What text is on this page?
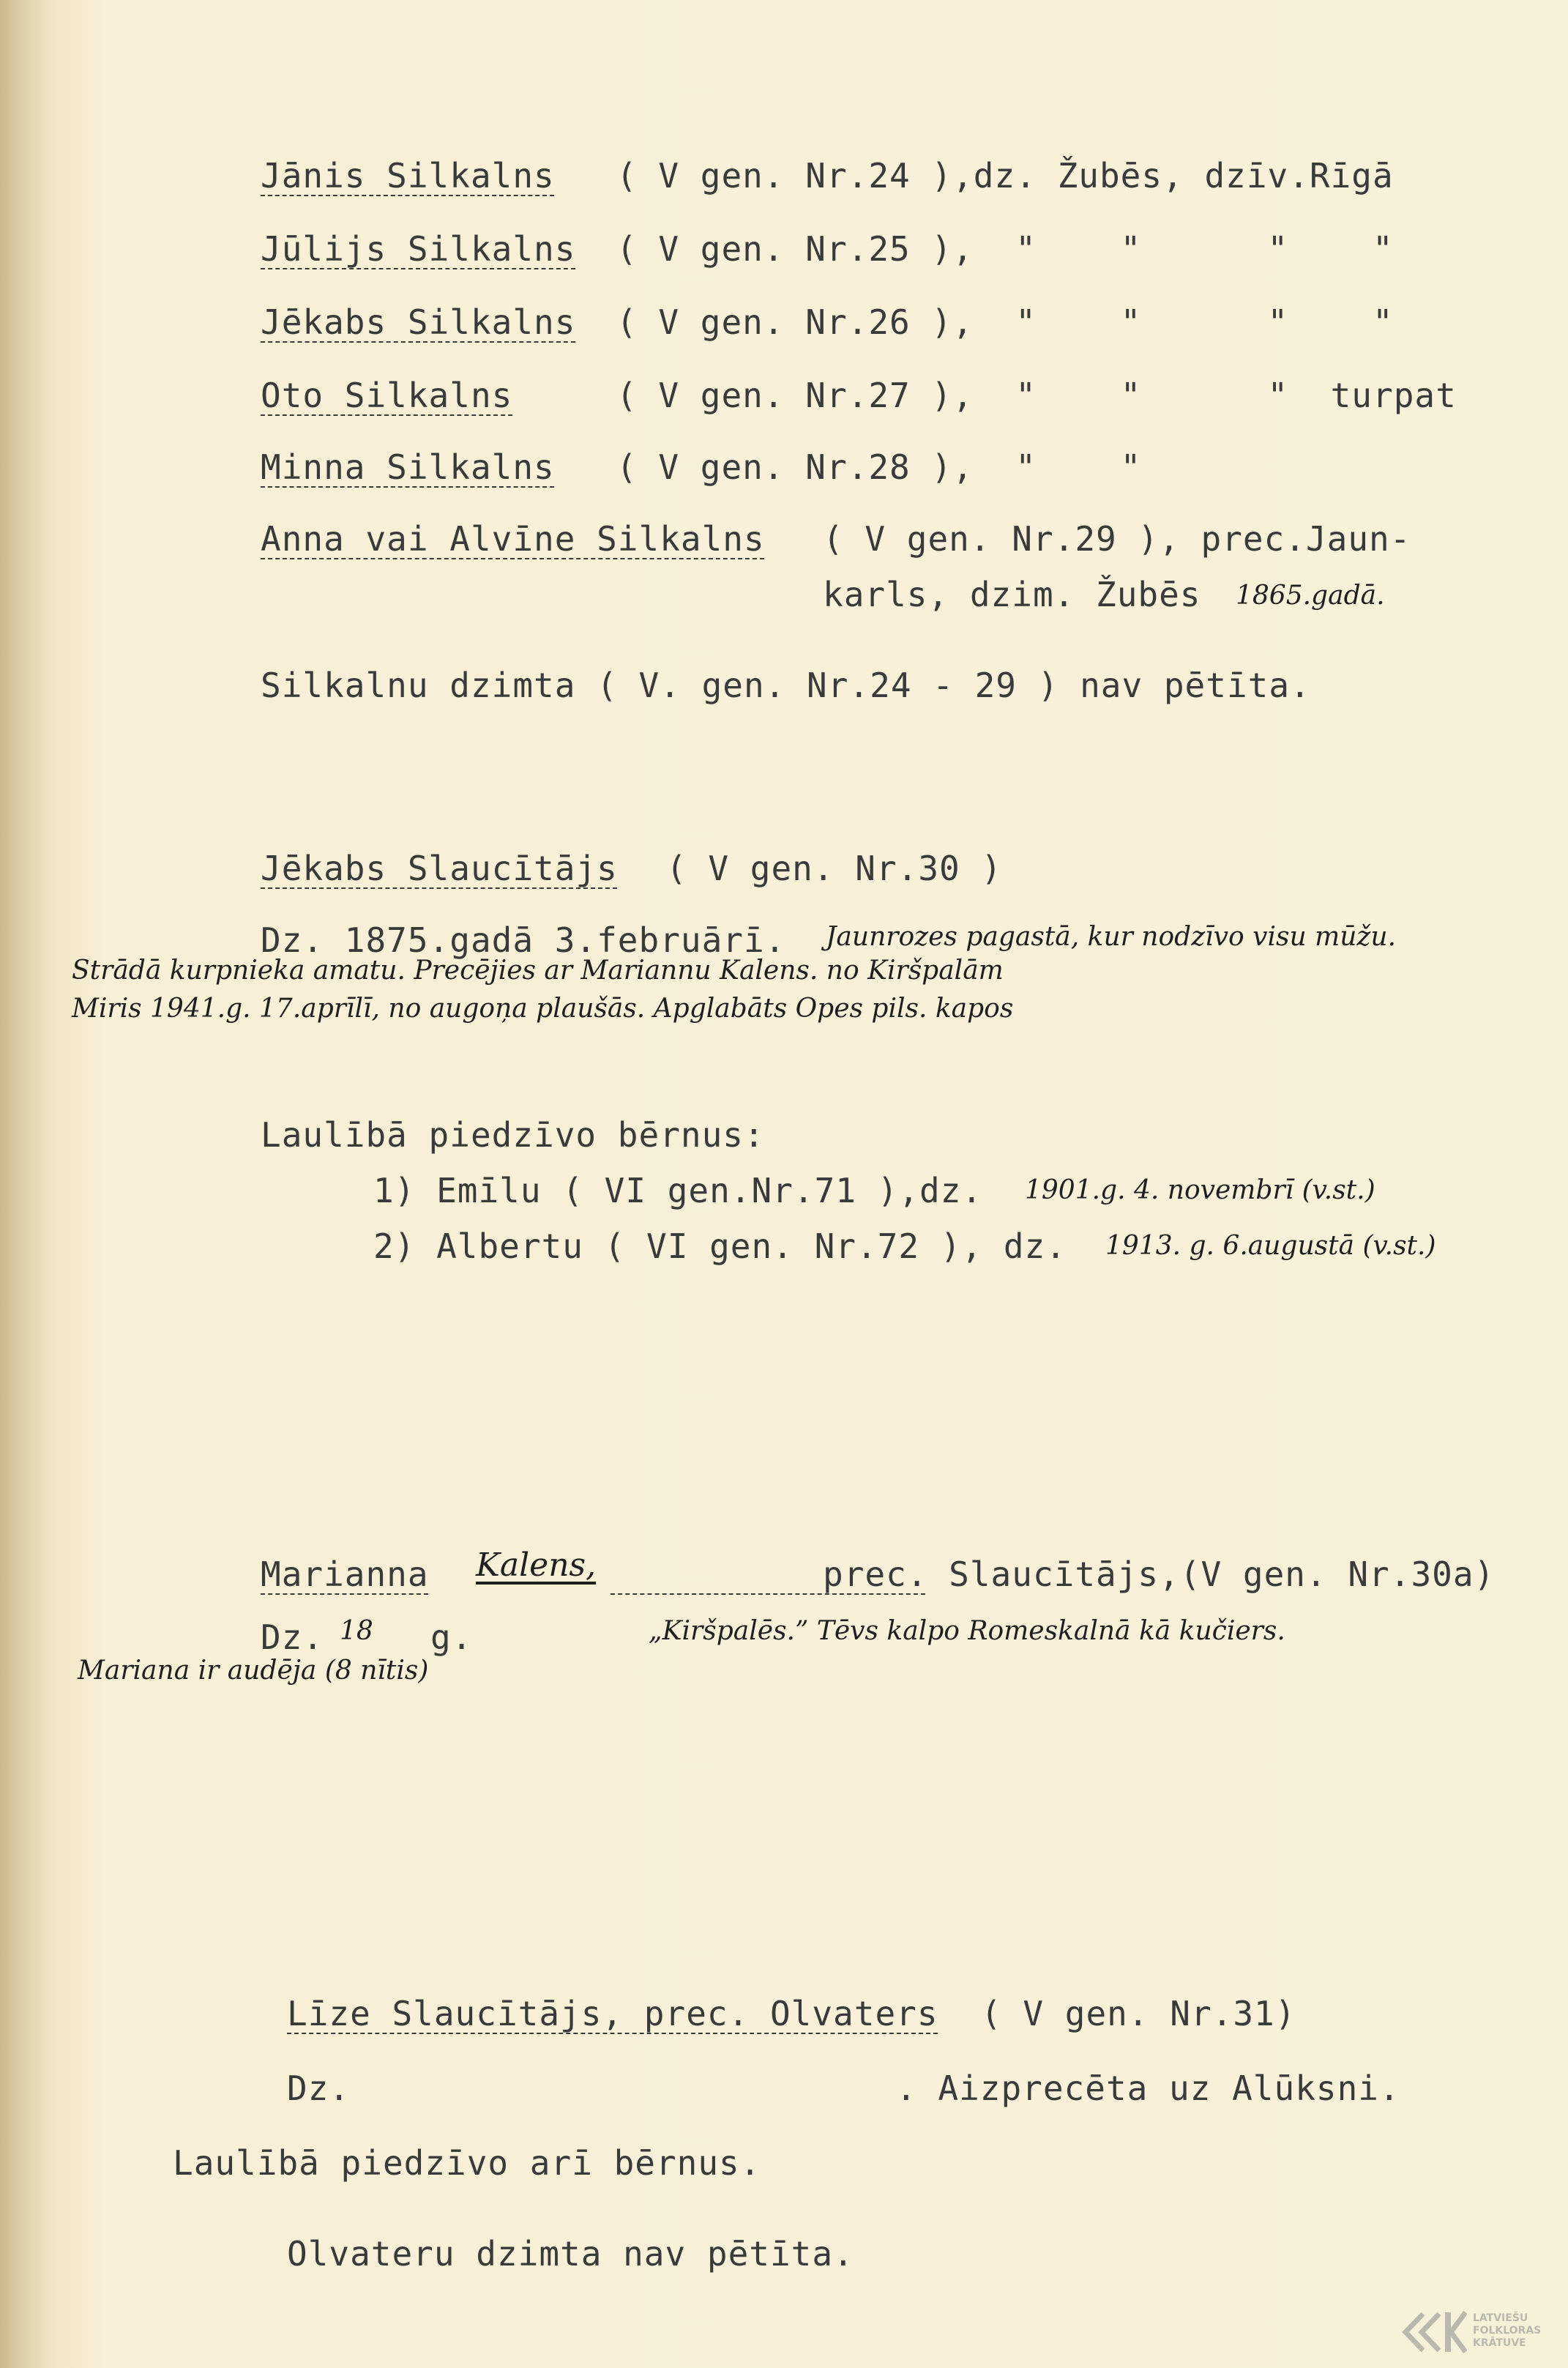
Jānis Silkalns ( V gen. Nr.24 ),dz. Žubēs, dzīv.Rīgā
Jūlijs Silkalns ( V gen. Nr.25 ),  "    "      "    "
Jēkabs Silkalns ( V gen. Nr.26 ),  "    "      "    "
Oto Silkalns	( V gen. Nr.27 ),  "    "      "  turpat
Minna Silkalns ( V gen. Nr.28 ),  "    "
Anna vai Alvīne Silkalns ( V gen. Nr.29 ), prec.Jaun-
karls, dzim. Žubēs 1865.gadā.
Silkalnu dzimta ( V. gen. Nr.24 - 29 ) nav pētīta.
Jēkabs Slaucītājs ( V gen. Nr.30 )
Dz. 1875.gadā 3.februārī. Jaunrozes pagastā, kur nodzīvo visu mūžu.
Strādā kurpnieka amatu. Precējies ar Mariannu Kalens. no Kiršpalām
Miris 1941.g. 17.aprīlī, no augoņa plaušās. Apglabāts Opes pils. kapos
Laulībā piedzīvo bērnus:
1) Emīlu ( VI gen.Nr.71 ),dz. 1901.g. 4. novembrī (v.st.)
2) Albertu ( VI gen. Nr.72 ), dz. 1913. g. 6.augustā (v.st.)
Marianna Kalens,
	prec. Slaucītājs,(V gen. Nr.30a)
Dz. 18 g.	„Kiršpalēs.” Tēvs kalpo Romeskalnā kā kučiers.
Mariana ir audēja (8 nītis)
Līze Slaucītājs, prec. Olvaters ( V gen. Nr.31)
Dz.	. Aizprecēta uz Alūksni.
Laulībā piedzīvo arī bērnus.
Olvateru dzimta nav pētīta.
LATVIEŠU
FOLKLORAS
KRĀTUVE
